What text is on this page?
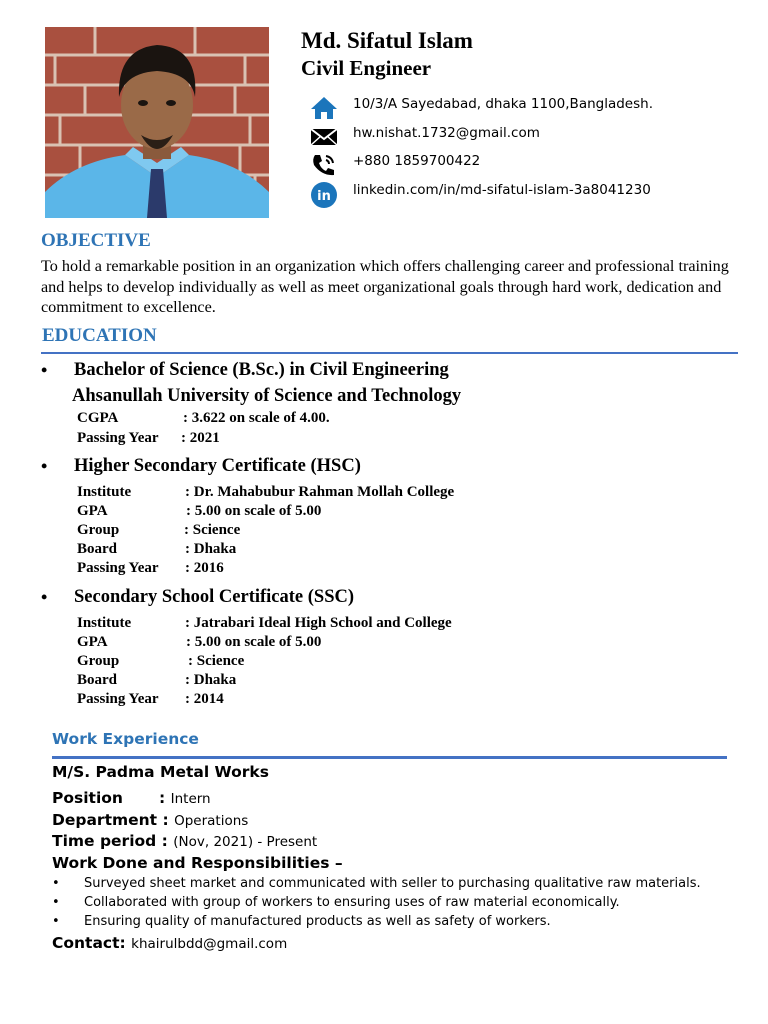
Md. Sifatul Islam
Civil Engineer
10/3/A Sayedabad, dhaka 1100,Bangladesh.
hw.nishat.1732@gmail.com
+880 1859700422
in linkedin.com/in/md-sifatul-islam-3a8041230
OBJECTIVE
To hold a remarkable position in an organization which offers challenging career and professional training and helps to develop individually as well as meet organizational goals through hard work, dedication and commitment to excellence.
EDUCATION
• Bachelor of Science (B.Sc.) in Civil Engineering
Ahsanullah University of Science and Technology
CGPA	: 3.622 on scale of 4.00.
Passing Year : 2021
• Higher Secondary Certificate (HSC)
Institute	: Dr. Mahabubur Rahman Mollah College
GPA	: 5.00 on scale of 5.00
Group	: Science
Board	: Dhaka
Passing Year : 2016
• Secondary School Certificate (SSC)
Institute	: Jatrabari Ideal High School and College
GPA	: 5.00 on scale of 5.00
Group	: Science
Board	: Dhaka
Passing Year : 2014
Work Experience
M/S. Padma Metal Works
Position : Intern
Department : Operations
Time period : (Nov, 2021) - Present
Work Done and Responsibilities –
• Surveyed sheet market and communicated with seller to purchasing qualitative raw materials.
• Collaborated with group of workers to ensuring uses of raw material economically.
• Ensuring quality of manufactured products as well as safety of workers.
Contact: khairulbdd@gmail.com
